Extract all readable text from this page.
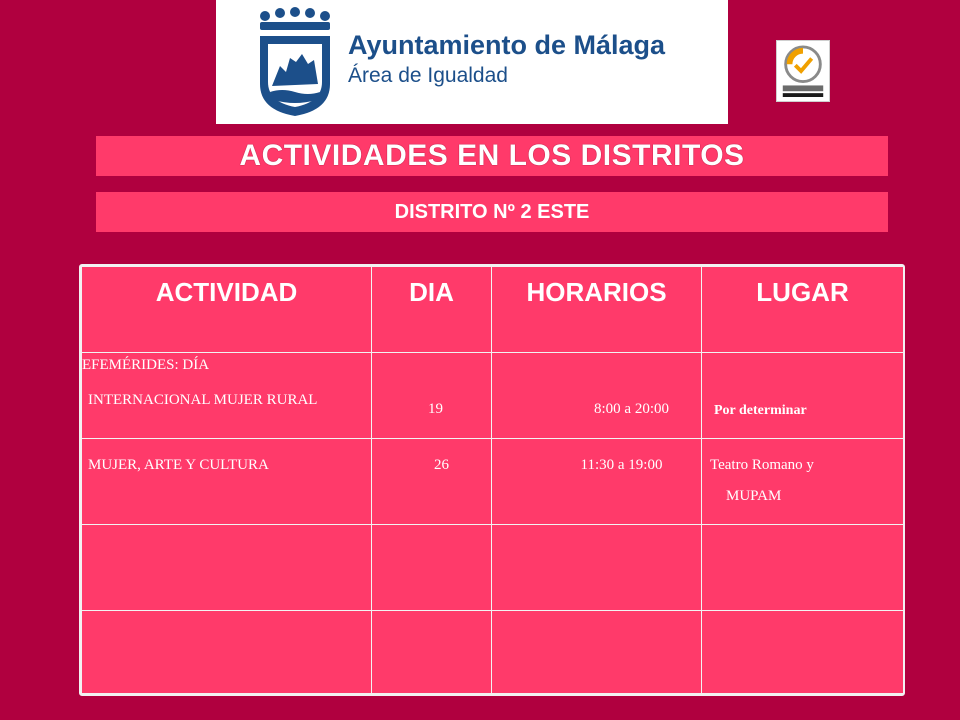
Ayuntamiento de Málaga
Área de Igualdad
ACTIVIDADES EN LOS DISTRITOS
DISTRITO Nº 2 ESTE
ACTIVIDAD	DIA	HORARIOS	LUGAR

EFEMÉRIDES: DÍA
INTERNACIONAL MUJER RURAL	19	8:00 a 20:00	Por determinar
MUJER, ARTE Y CULTURA	26	11:30 a 19:00	Teatro Romano y
MUPAM
